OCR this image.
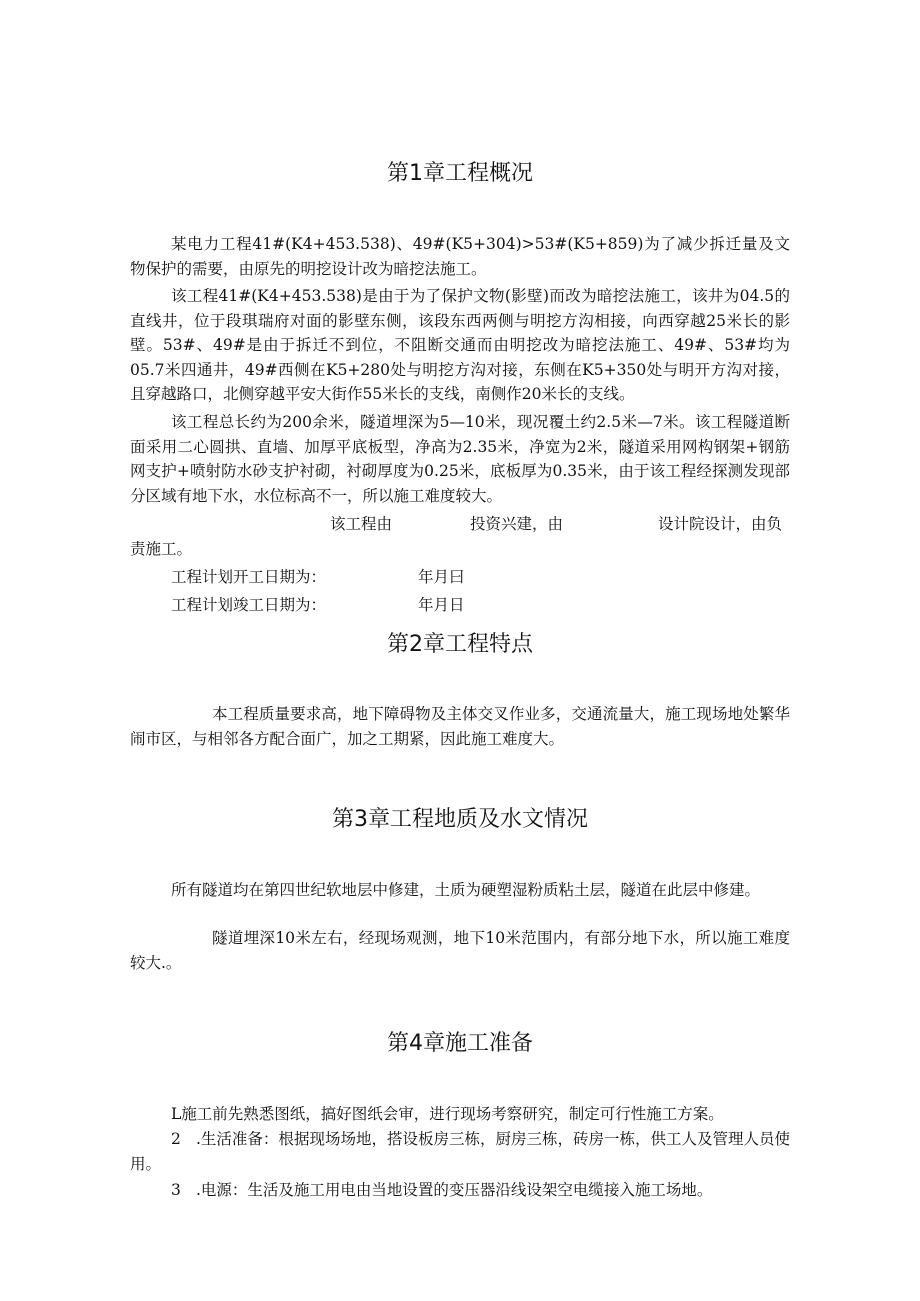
第1章工程概况

某电力工程41#(K4+453.538)、49#(K5+304)>53#(K5+859)为了减少拆迁量及文物保护的需要，由原先的明挖设计改为暗挖法施工。

该工程41#(K4+453.538)是由于为了保护文物(影壁)而改为暗挖法施工，该井为04.5的直线井，位于段琪瑞府对面的影壁东侧，该段东西两侧与明挖方沟相接，向西穿越25米长的影壁。53#、49#是由于拆迁不到位，不阻断交通而由明挖改为暗挖法施工、49#、53#均为05.7米四通井，49#西侧在K5+280处与明挖方沟对接，东侧在K5+350处与明开方沟对接，且穿越路口，北侧穿越平安大街作55米长的支线，南侧作20米长的支线。

该工程总长约为200余米，隧道埋深为5—10米，现况覆土约2.5米—7米。该工程隧道断面采用二心圆拱、直墙、加厚平底板型，净高为2.35米，净宽为2米，隧道采用网构钢架+钢筋网支护+喷射防水砂支护衬砌，衬砌厚度为0.25米，底板厚为0.35米，由于该工程经探测发现部分区域有地下水，水位标高不一，所以施工难度较大。

该工程由	投资兴建，由	设计院设计，由负
责施工。
工程计划开工日期为：	年月曰
工程计划竣工日期为：	年月日
第2章工程特点

本工程质量要求高，地下障碍物及主体交叉作业多，交通流量大，施工现场地处繁华闹市区，与相邻各方配合面广，加之工期紧，因此施工难度大。

第3章工程地质及水文情况

所有隧道均在第四世纪软地层中修建，土质为硬塑湿粉质粘土层，隧道在此层中修建。

隧道埋深10米左右，经现场观测，地下10米范围内，有部分地下水，所以施工难度较大.。

第4章施工准备
L施工前先熟悉图纸，搞好图纸会审，进行现场考察研究，制定可行性施工方案。
2 .生活准备：根据现场场地，搭设板房三栋，厨房三栋，砖房一栋，供工人及管理人员使用。

3 .电源：生活及施工用电由当地设置的变压器沿线设架空电缆接入施工场地。
